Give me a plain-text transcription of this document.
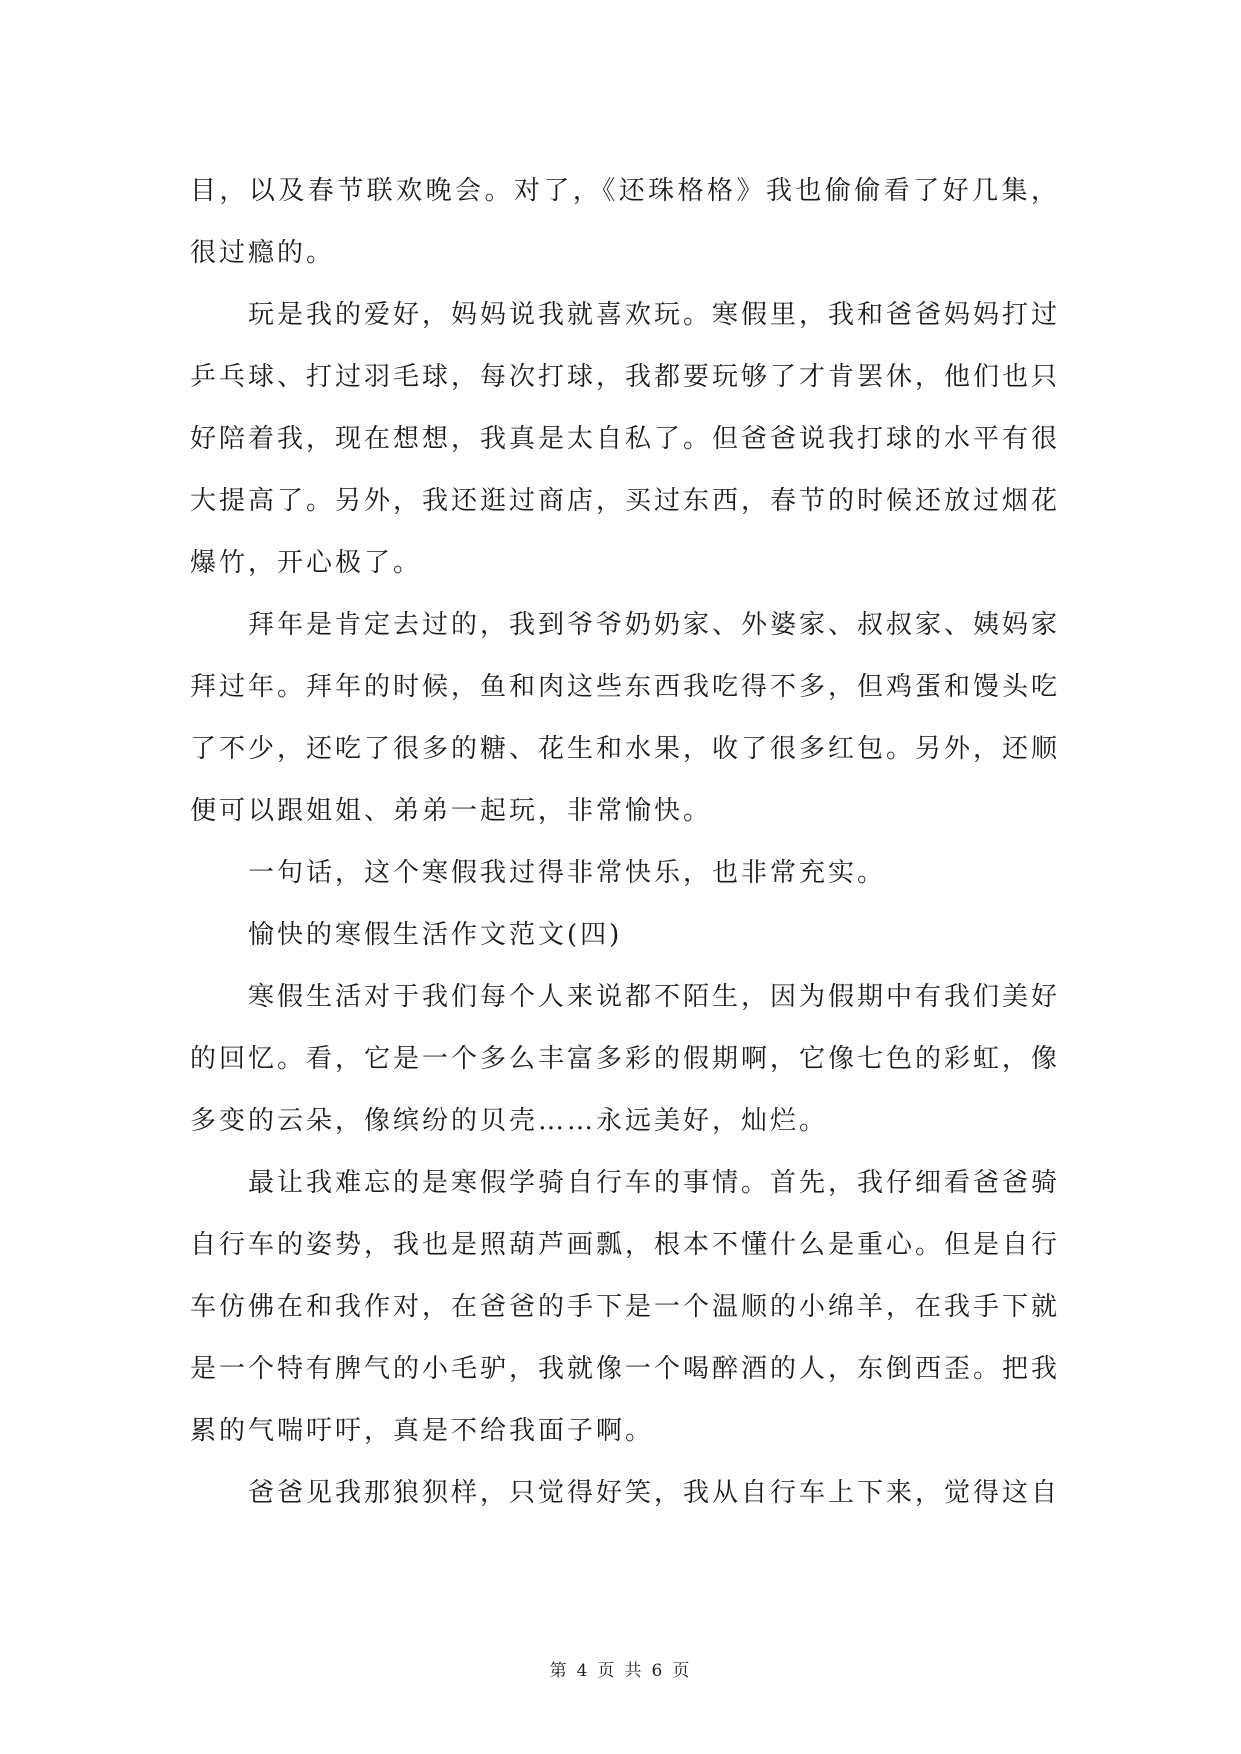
目，以及春节联欢晚会。对了，《还珠格格》我也偷偷看了好几集，很过瘾的。

玩是我的爱好，妈妈说我就喜欢玩。寒假里，我和爸爸妈妈打过乒乓球、打过羽毛球，每次打球，我都要玩够了才肯罢休，他们也只好陪着我，现在想想，我真是太自私了。但爸爸说我打球的水平有很大提高了。另外，我还逛过商店，买过东西，春节的时候还放过烟花爆竹，开心极了。

拜年是肯定去过的，我到爷爷奶奶家、外婆家、叔叔家、姨妈家拜过年。拜年的时候，鱼和肉这些东西我吃得不多，但鸡蛋和馒头吃了不少，还吃了很多的糖、花生和水果，收了很多红包。另外，还顺便可以跟姐姐、弟弟一起玩，非常愉快。

一句话，这个寒假我过得非常快乐，也非常充实。

愉快的寒假生活作文范文(四)

寒假生活对于我们每个人来说都不陌生，因为假期中有我们美好的回忆。看，它是一个多么丰富多彩的假期啊，它像七色的彩虹，像多变的云朵，像缤纷的贝壳……永远美好，灿烂。

最让我难忘的是寒假学骑自行车的事情。首先，我仔细看爸爸骑自行车的姿势，我也是照葫芦画瓢，根本不懂什么是重心。但是自行车仿佛在和我作对，在爸爸的手下是一个温顺的小绵羊，在我手下就是一个特有脾气的小毛驴，我就像一个喝醉酒的人，东倒西歪。把我累的气喘吁吁，真是不给我面子啊。

爸爸见我那狼狈样，只觉得好笑，我从自行车上下来，觉得这自

第 4 页 共 6 页
